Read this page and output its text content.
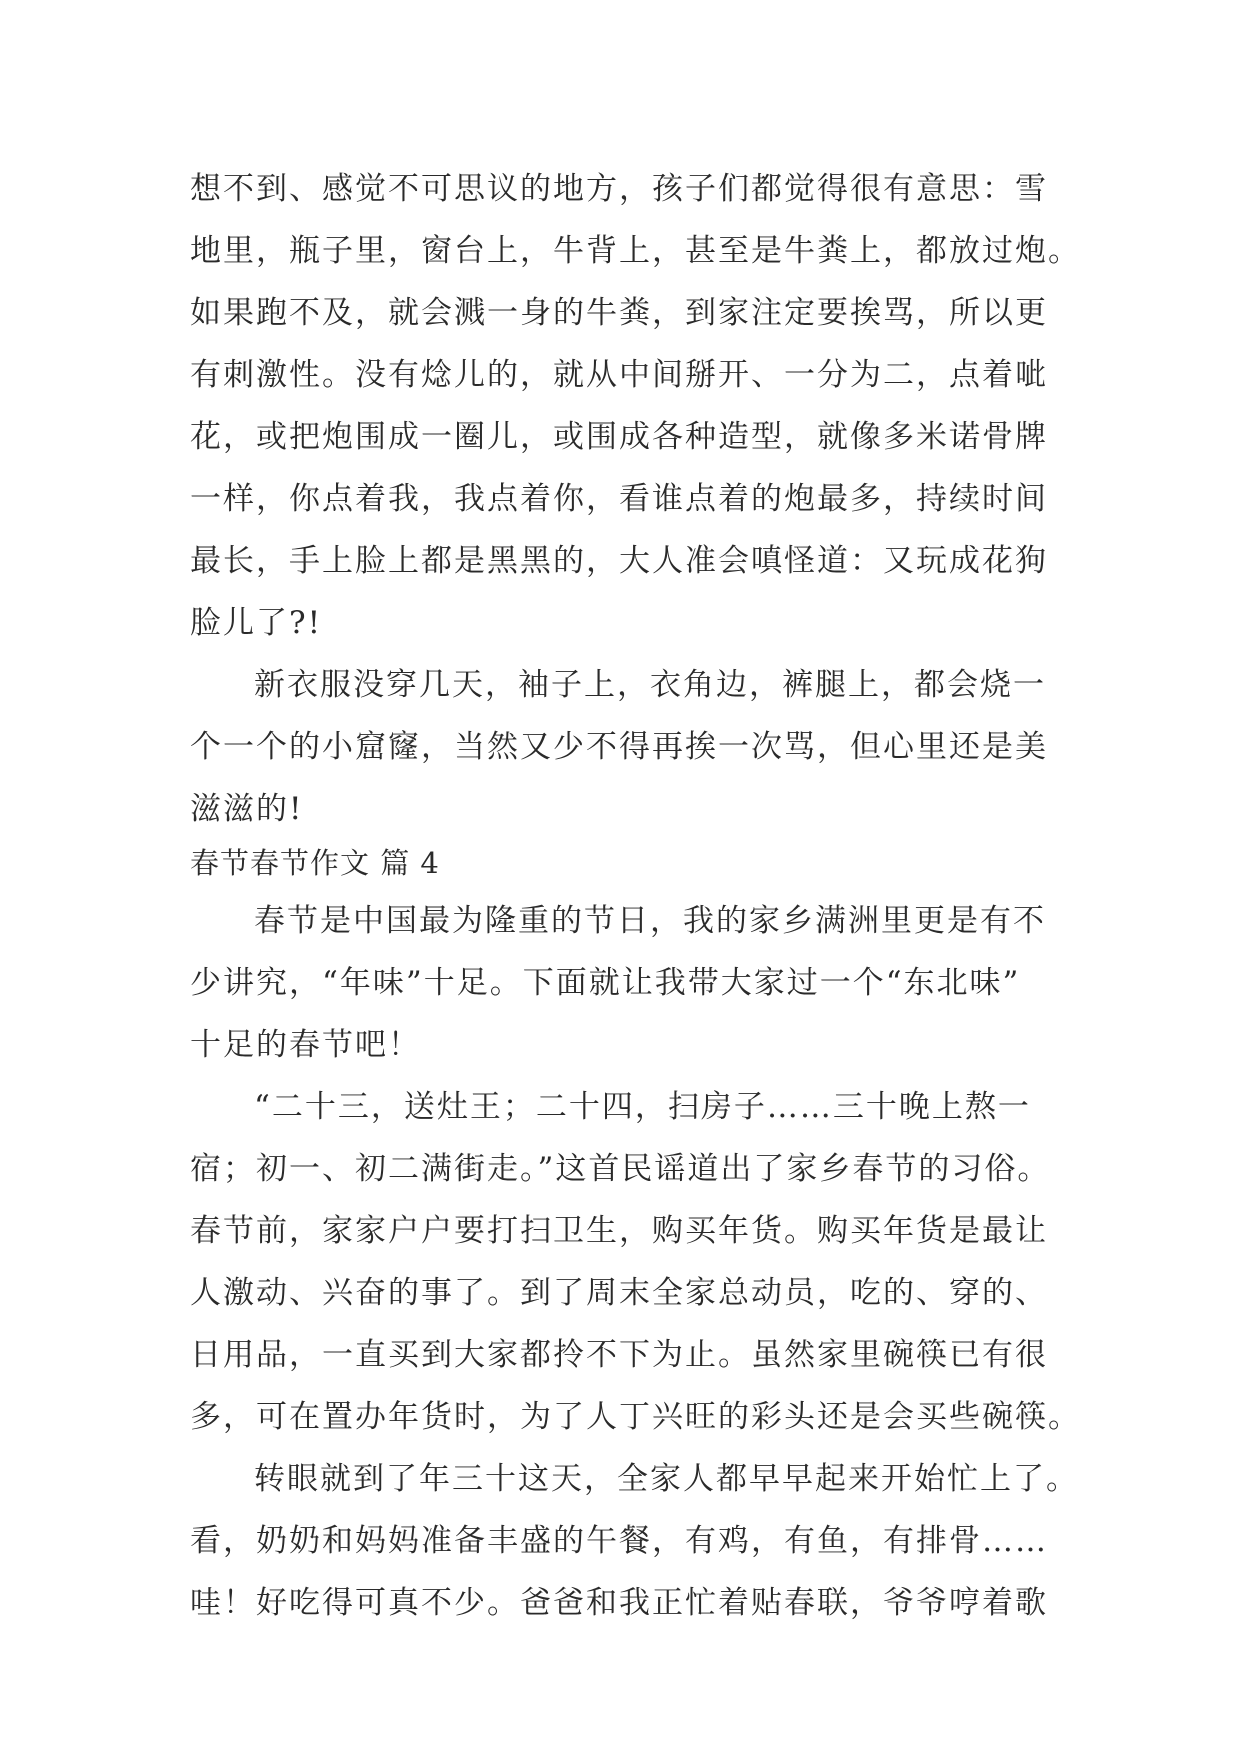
想不到、感觉不可思议的地方，孩子们都觉得很有意思：雪
地里，瓶子里，窗台上，牛背上，甚至是牛粪上，都放过炮。
如果跑不及，就会溅一身的牛粪，到家注定要挨骂，所以更
有刺激性。没有焾儿的，就从中间掰开、一分为二，点着呲
花，或把炮围成一圈儿，或围成各种造型，就像多米诺骨牌
一样，你点着我，我点着你，看谁点着的炮最多，持续时间
最长，手上脸上都是黑黑的，大人准会嗔怪道：又玩成花狗
脸儿了?!
新衣服没穿几天，袖子上，衣角边，裤腿上，都会烧一
个一个的小窟窿，当然又少不得再挨一次骂，但心里还是美
滋滋的!
春节春节作文 篇 4
春节是中国最为隆重的节日，我的家乡满洲里更是有不
少讲究，“年味”十足。下面就让我带大家过一个“东北味”
十足的春节吧！
“二十三，送灶王；二十四，扫房子……三十晚上熬一
宿；初一、初二满街走。”这首民谣道出了家乡春节的习俗。
春节前，家家户户要打扫卫生，购买年货。购买年货是最让
人激动、兴奋的事了。到了周末全家总动员，吃的、穿的、
日用品，一直买到大家都拎不下为止。虽然家里碗筷已有很
多，可在置办年货时，为了人丁兴旺的彩头还是会买些碗筷。
转眼就到了年三十这天，全家人都早早起来开始忙上了。
看，奶奶和妈妈准备丰盛的午餐，有鸡，有鱼，有排骨……
哇！好吃得可真不少。爸爸和我正忙着贴春联，爷爷哼着歌
